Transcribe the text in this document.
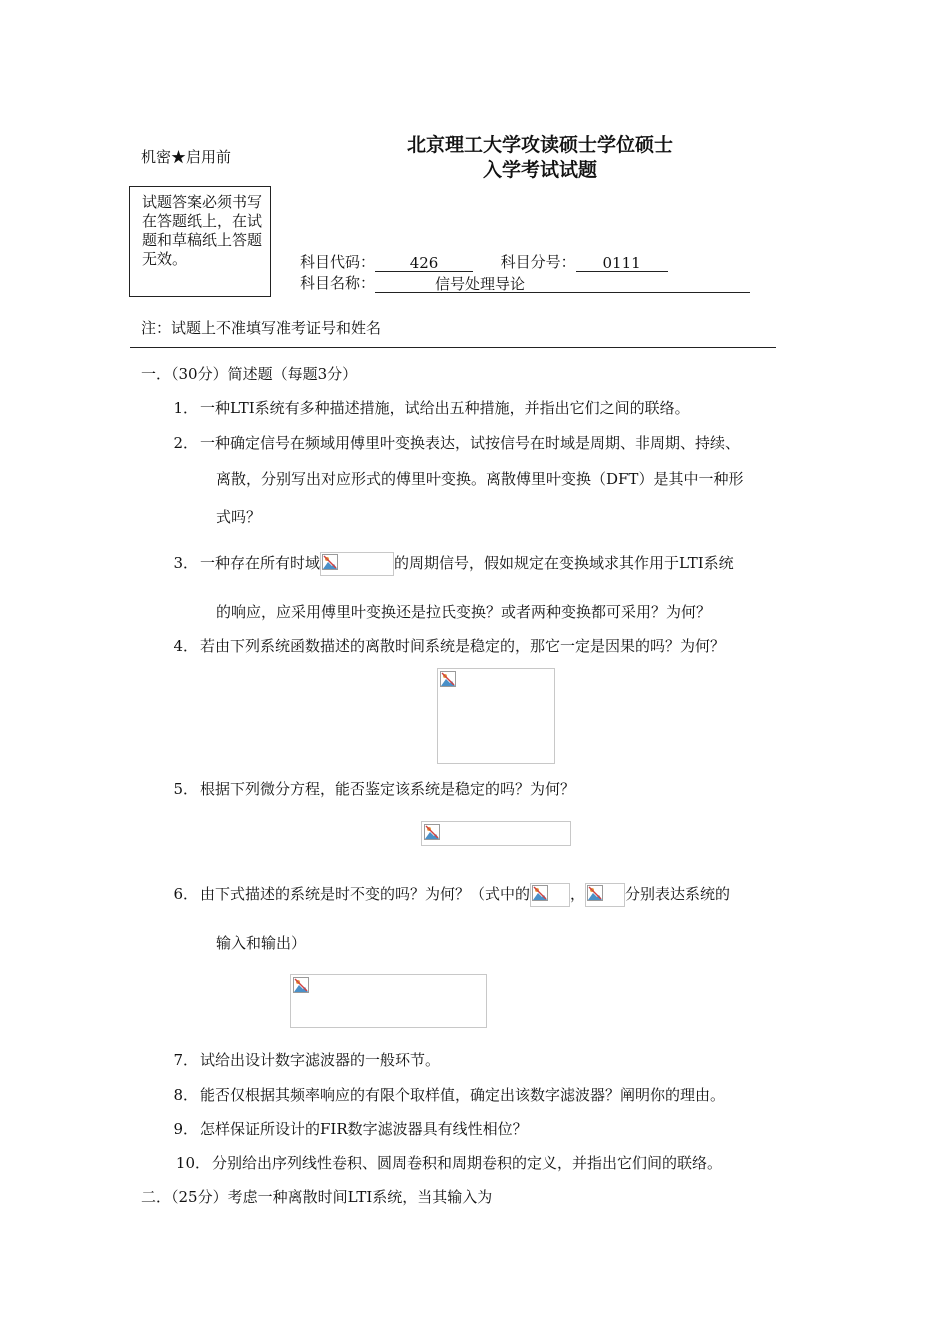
机密★启用前
北京理工大学攻读硕士学位硕士
入学考试试题
试题答案必须书写在答题纸上，在试题和草稿纸上答题无效。	科目代码： 426	科目分号： 0111
科目名称：	信号处理导论
注：试题上不准填写准考证号和姓名
一．（30分）简述题（每题3分）
1． 一种LTI系统有多种描述措施，试给出五种措施，并指出它们之间的联络。
2． 一种确定信号在频域用傅里叶变换表达，试按信号在时域是周期、非周期、持续、
离散，分别写出对应形式的傅里叶变换。离散傅里叶变换（DFT）是其中一种形
式吗？
3． 一种存在所有时域	的周期信号，假如规定在变换域求其作用于LTI系统
的响应，应采用傅里叶变换还是拉氏变换？或者两种变换都可采用？为何？
4． 若由下列系统函数描述的离散时间系统是稳定的，那它一定是因果的吗？为何？
5． 根据下列微分方程，能否鉴定该系统是稳定的吗？为何？
6． 由下式描述的系统是时不变的吗？为何？（式中的	，	分别表达系统的
输入和输出）
7． 试给出设计数字滤波器的一般环节。
8． 能否仅根据其频率响应的有限个取样值，确定出该数字滤波器？阐明你的理由。
9． 怎样保证所设计的FIR数字滤波器具有线性相位？
10． 分别给出序列线性卷积、圆周卷积和周期卷积的定义，并指出它们间的联络。
二．（25分）考虑一种离散时间LTI系统，当其输入为
